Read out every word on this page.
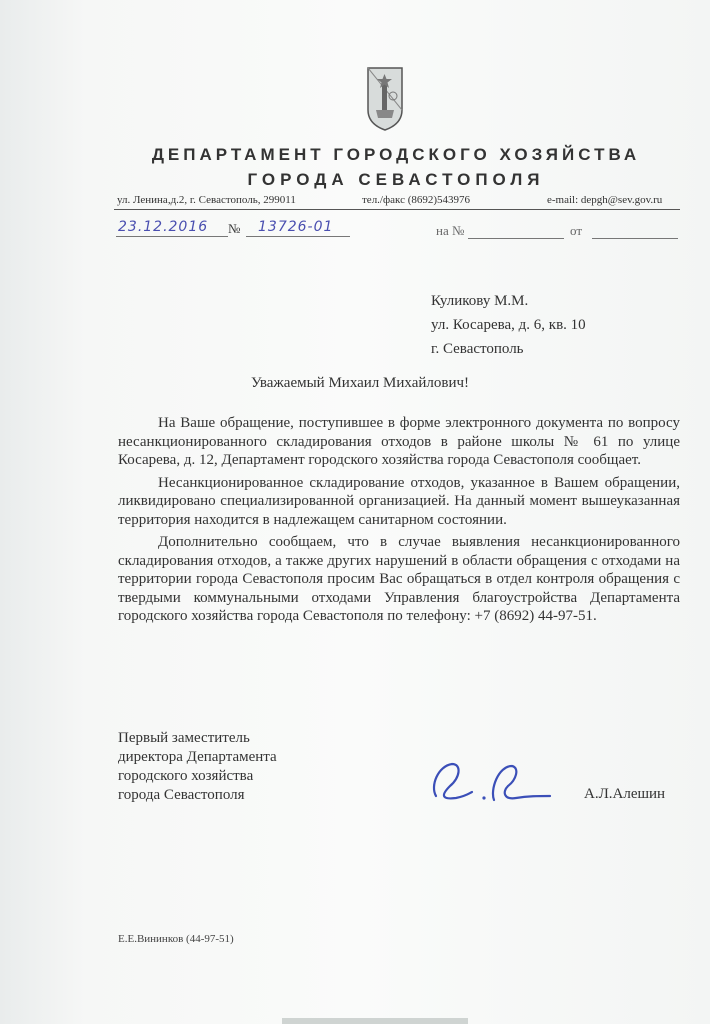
ДЕПАРТАМЕНТ ГОРОДСКОГО ХОЗЯЙСТВА
ГОРОДА СЕВАСТОПОЛЯ
ул. Ленина,д.2, г. Севастополь, 299011	тел./факс (8692)543976	e-mail: depgh@sev.gov.ru
23.12.2016 № 13726-01	на №	от
Куликову М.М.
ул. Косарева, д. 6, кв. 10
г. Севастополь
Уважаемый Михаил Михайлович!

На Ваше обращение, поступившее в форме электронного документа по вопросу несанкционированного складирования отходов в районе школы № 61 по улице Косарева, д. 12, Департамент городского хозяйства города Севастополя сообщает.

Несанкционированное складирование отходов, указанное в Вашем обращении, ликвидировано специализированной организацией. На данный момент вышеуказанная территория находится в надлежащем санитарном состоянии.

Дополнительно сообщаем, что в случае выявления несанкционированного складирования отходов, а также других нарушений в области обращения с отходами на территории города Севастополя просим Вас обращаться в отдел контроля обращения с твердыми коммунальными отходами Управления благоустройства Департамента городского хозяйства города Севастополя по телефону: +7 (8692) 44-97-51.

Первый заместитель
директора Департамента
городского хозяйства
города Севастополя	А.Л.Алешин
Е.Е.Вининков (44-97-51)
